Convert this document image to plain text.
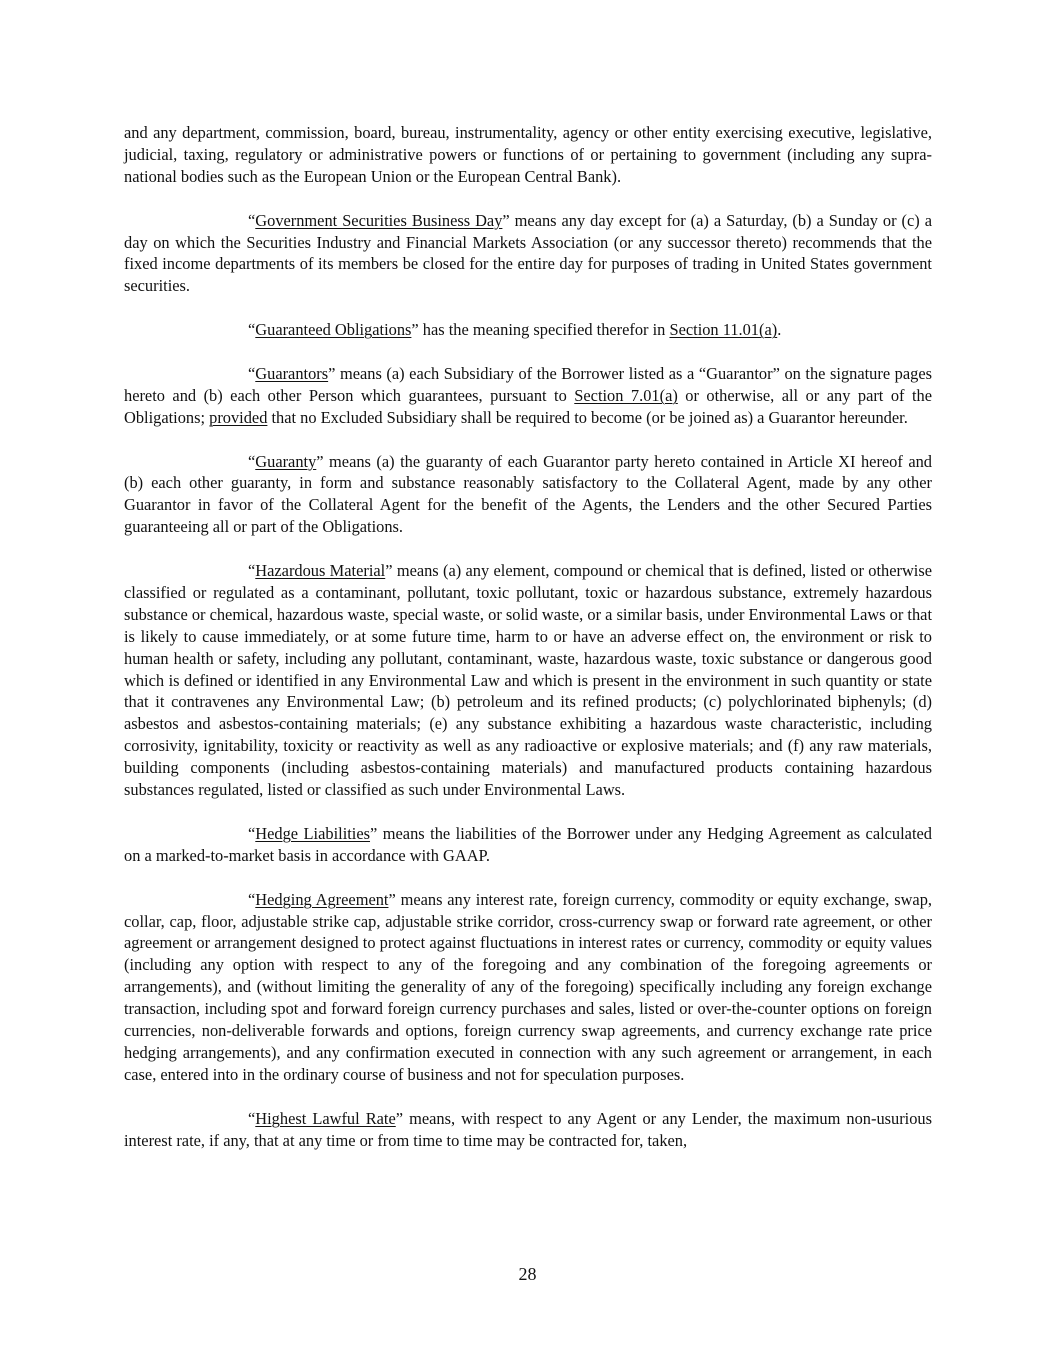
and any department, commission, board, bureau, instrumentality, agency or other entity exercising executive, legislative, judicial, taxing, regulatory or administrative powers or functions of or pertaining to government (including any supra-national bodies such as the European Union or the European Central Bank).

“Government Securities Business Day” means any day except for (a) a Saturday, (b) a Sunday or (c) a day on which the Securities Industry and Financial Markets Association (or any successor thereto) recommends that the fixed income departments of its members be closed for the entire day for purposes of trading in United States government securities.

“Guaranteed Obligations” has the meaning specified therefor in Section 11.01(a).

“Guarantors” means (a) each Subsidiary of the Borrower listed as a “Guarantor” on the signature pages hereto and (b) each other Person which guarantees, pursuant to Section 7.01(a) or otherwise, all or any part of the Obligations; provided that no Excluded Subsidiary shall be required to become (or be joined as) a Guarantor hereunder.

“Guaranty” means (a) the guaranty of each Guarantor party hereto contained in Article XI hereof and (b) each other guaranty, in form and substance reasonably satisfactory to the Collateral Agent, made by any other Guarantor in favor of the Collateral Agent for the benefit of the Agents, the Lenders and the other Secured Parties guaranteeing all or part of the Obligations.

“Hazardous Material” means (a) any element, compound or chemical that is defined, listed or otherwise classified or regulated as a contaminant, pollutant, toxic pollutant, toxic or hazardous substance, extremely hazardous substance or chemical, hazardous waste, special waste, or solid waste, or a similar basis, under Environmental Laws or that is likely to cause immediately, or at some future time, harm to or have an adverse effect on, the environment or risk to human health or safety, including any pollutant, contaminant, waste, hazardous waste, toxic substance or dangerous good which is defined or identified in any Environmental Law and which is present in the environment in such quantity or state that it contravenes any Environmental Law; (b) petroleum and its refined products; (c) polychlorinated biphenyls; (d) asbestos and asbestos-containing materials; (e) any substance exhibiting a hazardous waste characteristic, including corrosivity, ignitability, toxicity or reactivity as well as any radioactive or explosive materials; and (f) any raw materials, building components (including asbestos-containing materials) and manufactured products containing hazardous substances regulated, listed or classified as such under Environmental Laws.

“Hedge Liabilities” means the liabilities of the Borrower under any Hedging Agreement as calculated on a marked-to-market basis in accordance with GAAP.

“Hedging Agreement” means any interest rate, foreign currency, commodity or equity exchange, swap, collar, cap, floor, adjustable strike cap, adjustable strike corridor, cross-currency swap or forward rate agreement, or other agreement or arrangement designed to protect against fluctuations in interest rates or currency, commodity or equity values (including any option with respect to any of the foregoing and any combination of the foregoing agreements or arrangements), and (without limiting the generality of any of the foregoing) specifically including any foreign exchange transaction, including spot and forward foreign currency purchases and sales, listed or over-the-counter options on foreign currencies, non-deliverable forwards and options, foreign currency swap agreements, and currency exchange rate price hedging arrangements), and any confirmation executed in connection with any such agreement or arrangement, in each case, entered into in the ordinary course of business and not for speculation purposes.

“Highest Lawful Rate” means, with respect to any Agent or any Lender, the maximum non-usurious interest rate, if any, that at any time or from time to time may be contracted for, taken,

28
